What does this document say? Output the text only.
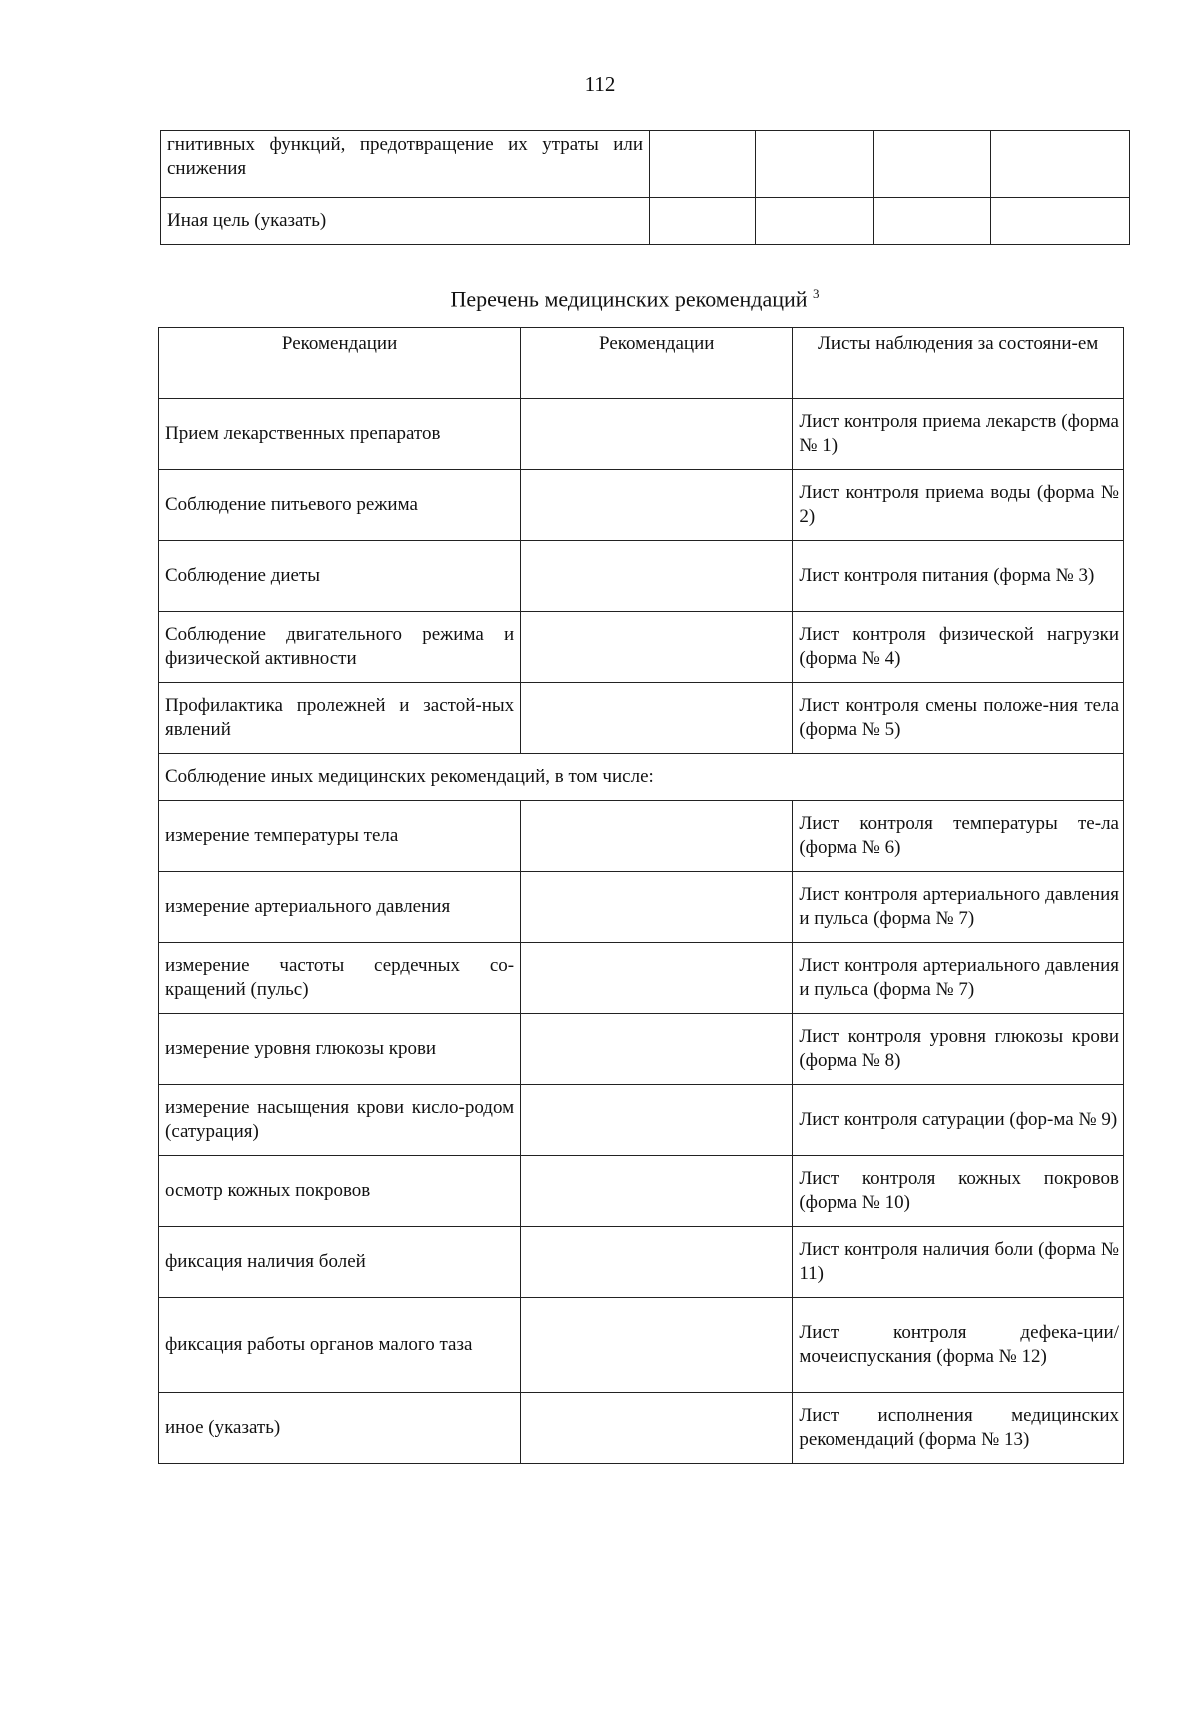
112
гнитивных функций, предотвращение их утраты или снижения				
Иная цель (указать)				
Перечень медицинских рекомендаций $^3$
Рекомендации	Рекомендации	Листы наблюдения за состояни-ем
Прием лекарственных препаратов		Лист контроля приема лекарств (форма № 1)
Соблюдение питьевого режима		Лист контроля приема воды (форма № 2)
Соблюдение диеты		Лист контроля питания (форма № 3)
Соблюдение двигательного режима и физической активности		Лист контроля физической нагрузки (форма № 4)
Профилактика пролежней и застой-ных явлений		Лист контроля смены положе-ния тела (форма № 5)
Соблюдение иных медицинских рекомендаций, в том числе:		
измерение температуры тела		Лист контроля температуры те-ла (форма № 6)
измерение артериального давления		Лист контроля артериального давления и пульса (форма № 7)
измерение частоты сердечных со-кращений (пульс)		Лист контроля артериального давления и пульса (форма № 7)
измерение уровня глюкозы крови		Лист контроля уровня глюкозы крови (форма № 8)
измерение насыщения крови кисло-родом (сатурация)		Лист контроля сатурации (фор-ма № 9)
осмотр кожных покровов		Лист контроля кожных покровов (форма № 10)
фиксация наличия болей		Лист контроля наличия боли (форма № 11)
фиксация работы органов малого таза		Лист контроля дефека-ции/мочеиспускания (форма № 12)
иное (указать)		Лист исполнения медицинских рекомендаций (форма № 13)
